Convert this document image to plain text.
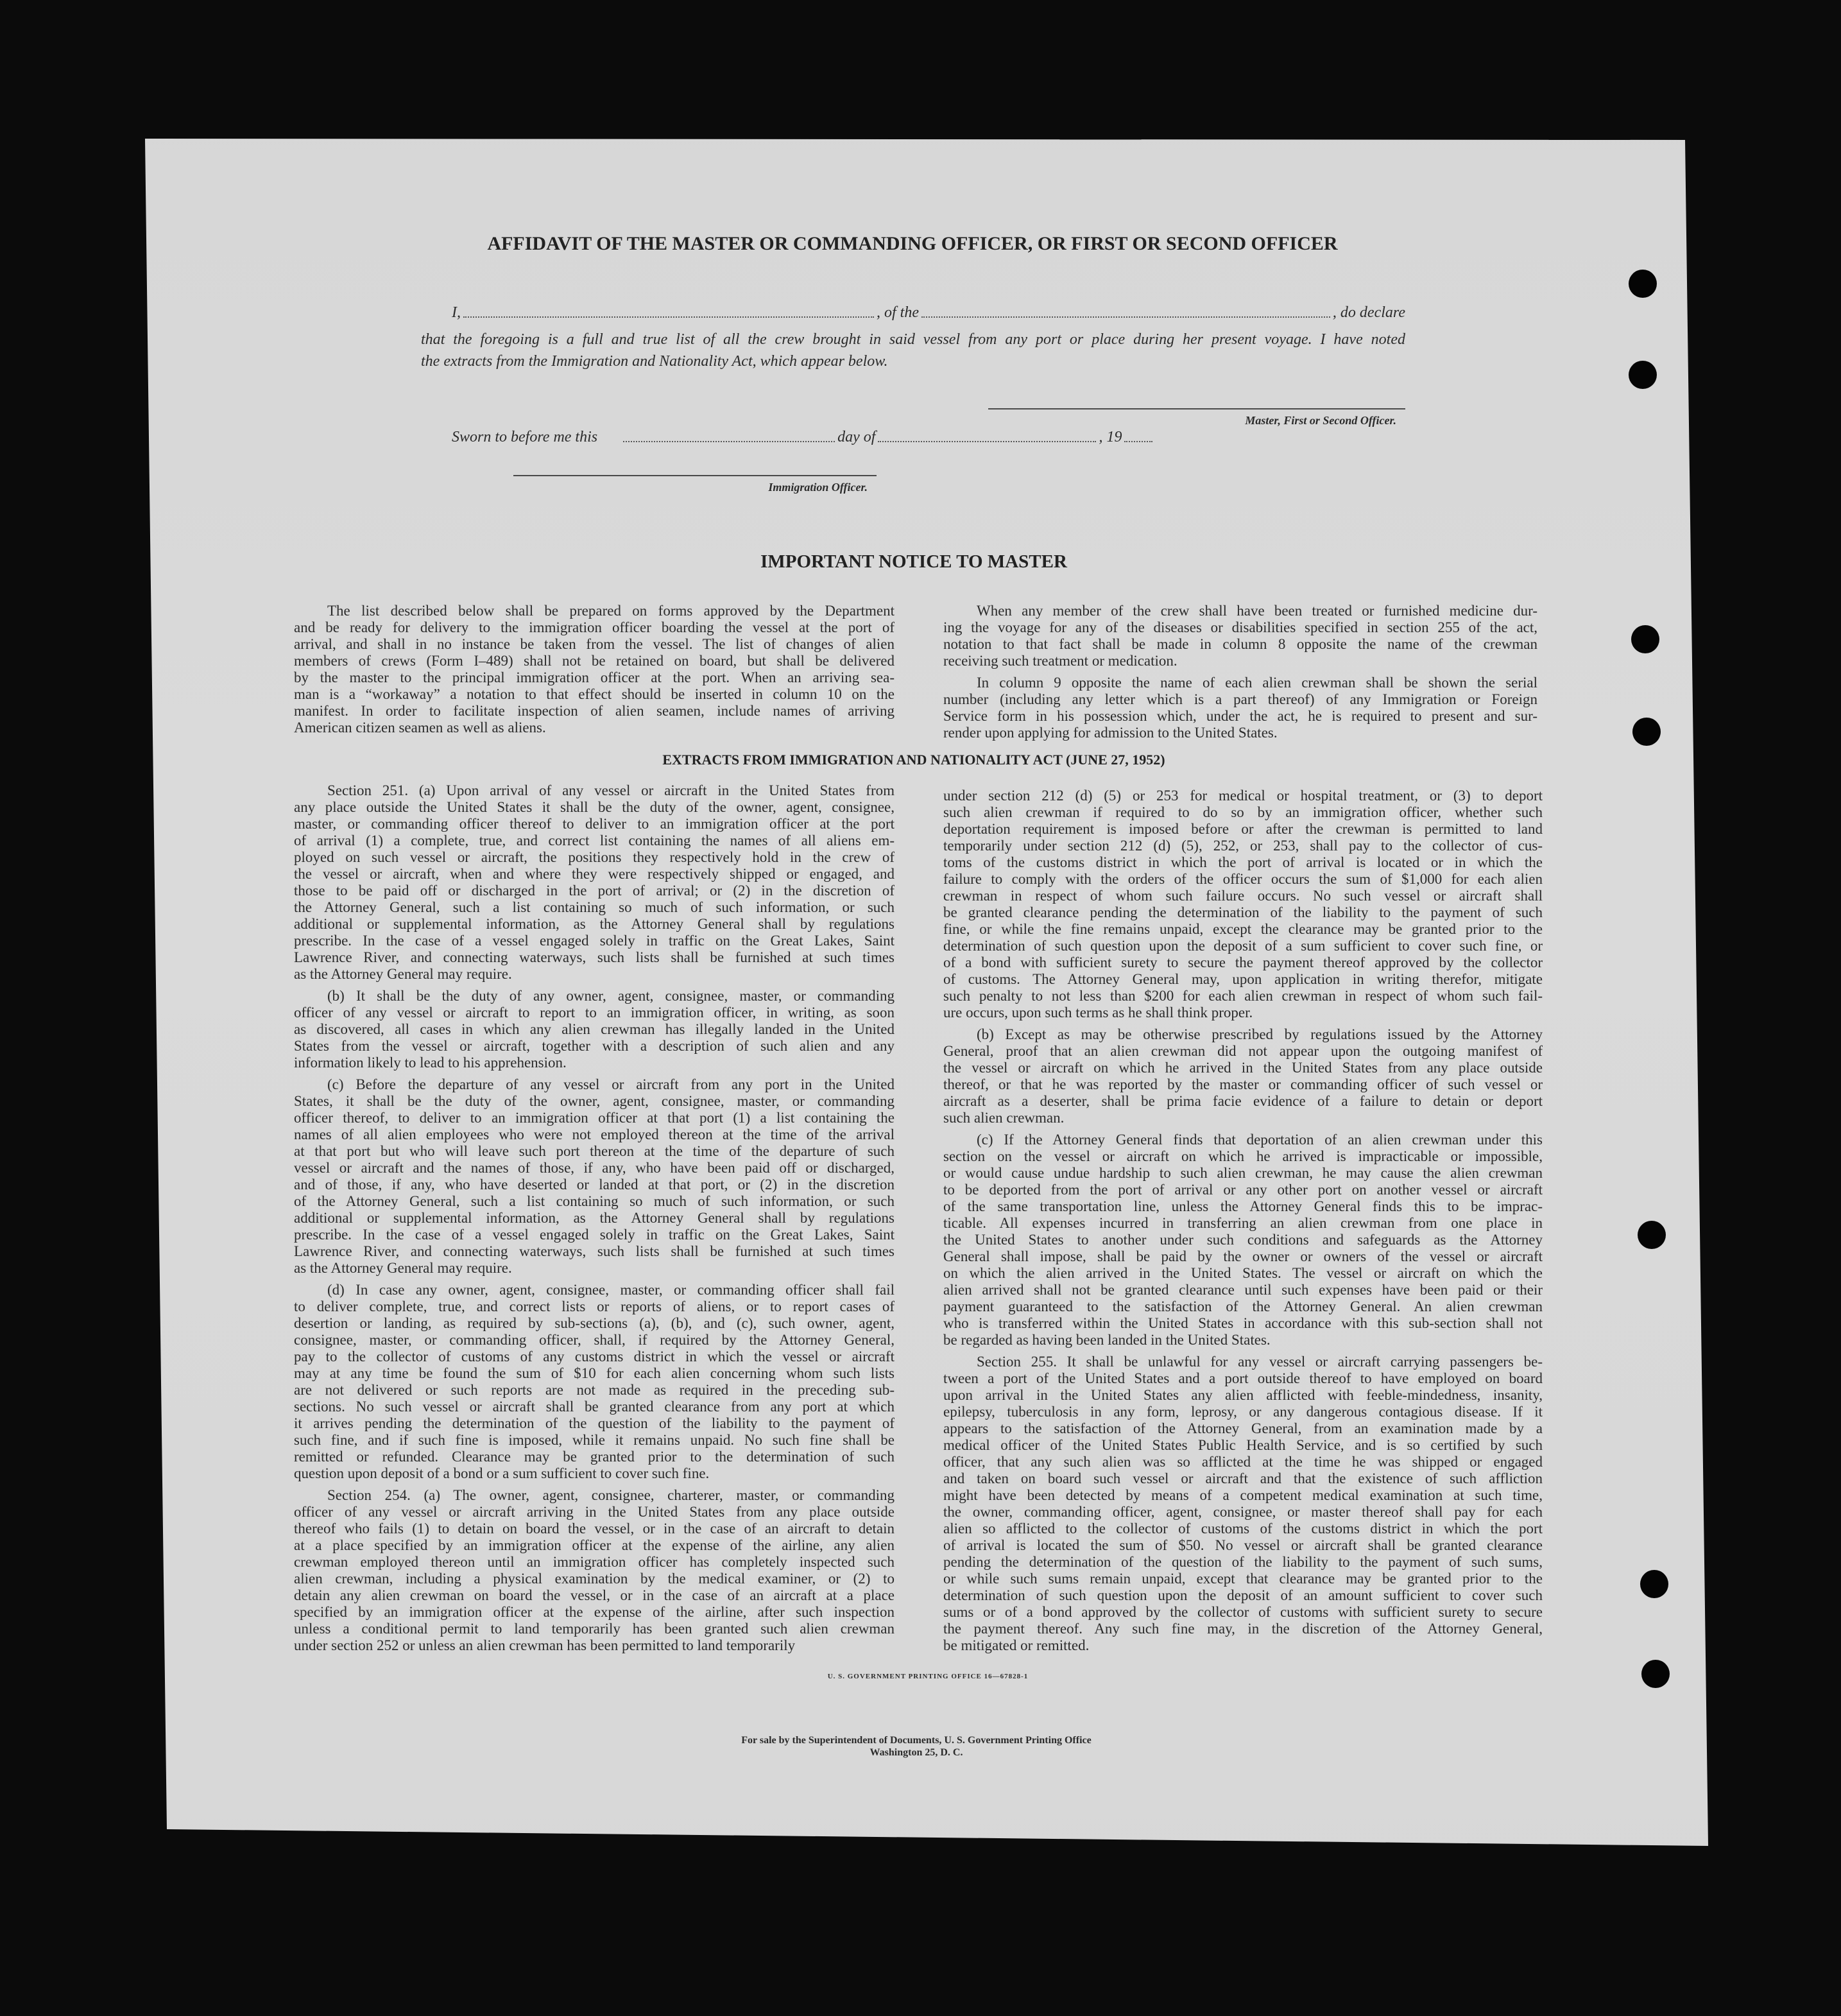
AFFIDAVIT OF THE MASTER OR COMMANDING OFFICER, OR FIRST OR SECOND OFFICER
I,	, of the	, do declare
that the foregoing is a full and true list of all the crew brought in said vessel from any port or place during her present voyage. I have noted
the extracts from the Immigration and Nationality Act, which appear below.
Master, First or Second Officer.
Sworn to before me this	day of	, 19
Immigration Officer.
IMPORTANT NOTICE TO MASTER
The list described below shall be prepared on forms approved by the Department
and be ready for delivery to the immigration officer boarding the vessel at the port of
arrival, and shall in no instance be taken from the vessel. The list of changes of alien
members of crews (Form I–489) shall not be retained on board, but shall be delivered
by the master to the principal immigration officer at the port. When an arriving sea-
man is a “workaway” a notation to that effect should be inserted in column 10 on the
manifest. In order to facilitate inspection of alien seamen, include names of arriving
American citizen seamen as well as aliens.
When any member of the crew shall have been treated or furnished medicine dur-
ing the voyage for any of the diseases or disabilities specified in section 255 of the act,
notation to that fact shall be made in column 8 opposite the name of the crewman
receiving such treatment or medication.
In column 9 opposite the name of each alien crewman shall be shown the serial
number (including any letter which is a part thereof) of any Immigration or Foreign
Service form in his possession which, under the act, he is required to present and sur-
render upon applying for admission to the United States.
EXTRACTS FROM IMMIGRATION AND NATIONALITY ACT (JUNE 27, 1952)
Section 251. (a) Upon arrival of any vessel or aircraft in the United States from
any place outside the United States it shall be the duty of the owner, agent, consignee,
master, or commanding officer thereof to deliver to an immigration officer at the port
of arrival (1) a complete, true, and correct list containing the names of all aliens em-
ployed on such vessel or aircraft, the positions they respectively hold in the crew of
the vessel or aircraft, when and where they were respectively shipped or engaged, and
those to be paid off or discharged in the port of arrival; or (2) in the discretion of
the Attorney General, such a list containing so much of such information, or such
additional or supplemental information, as the Attorney General shall by regulations
prescribe. In the case of a vessel engaged solely in traffic on the Great Lakes, Saint
Lawrence River, and connecting waterways, such lists shall be furnished at such times
as the Attorney General may require.
(b) It shall be the duty of any owner, agent, consignee, master, or commanding
officer of any vessel or aircraft to report to an immigration officer, in writing, as soon
as discovered, all cases in which any alien crewman has illegally landed in the United
States from the vessel or aircraft, together with a description of such alien and any
information likely to lead to his apprehension.
(c) Before the departure of any vessel or aircraft from any port in the United
States, it shall be the duty of the owner, agent, consignee, master, or commanding
officer thereof, to deliver to an immigration officer at that port (1) a list containing the
names of all alien employees who were not employed thereon at the time of the arrival
at that port but who will leave such port thereon at the time of the departure of such
vessel or aircraft and the names of those, if any, who have been paid off or discharged,
and of those, if any, who have deserted or landed at that port, or (2) in the discretion
of the Attorney General, such a list containing so much of such information, or such
additional or supplemental information, as the Attorney General shall by regulations
prescribe. In the case of a vessel engaged solely in traffic on the Great Lakes, Saint
Lawrence River, and connecting waterways, such lists shall be furnished at such times
as the Attorney General may require.
(d) In case any owner, agent, consignee, master, or commanding officer shall fail
to deliver complete, true, and correct lists or reports of aliens, or to report cases of
desertion or landing, as required by sub-sections (a), (b), and (c), such owner, agent,
consignee, master, or commanding officer, shall, if required by the Attorney General,
pay to the collector of customs of any customs district in which the vessel or aircraft
may at any time be found the sum of $10 for each alien concerning whom such lists
are not delivered or such reports are not made as required in the preceding sub-
sections. No such vessel or aircraft shall be granted clearance from any port at which
it arrives pending the determination of the question of the liability to the payment of
such fine, and if such fine is imposed, while it remains unpaid. No such fine shall be
remitted or refunded. Clearance may be granted prior to the determination of such
question upon deposit of a bond or a sum sufficient to cover such fine.
Section 254. (a) The owner, agent, consignee, charterer, master, or commanding
officer of any vessel or aircraft arriving in the United States from any place outside
thereof who fails (1) to detain on board the vessel, or in the case of an aircraft to detain
at a place specified by an immigration officer at the expense of the airline, any alien
crewman employed thereon until an immigration officer has completely inspected such
alien crewman, including a physical examination by the medical examiner, or (2) to
detain any alien crewman on board the vessel, or in the case of an aircraft at a place
specified by an immigration officer at the expense of the airline, after such inspection
unless a conditional permit to land temporarily has been granted such alien crewman
under section 252 or unless an alien crewman has been permitted to land temporarily
under section 212 (d) (5) or 253 for medical or hospital treatment, or (3) to deport
such alien crewman if required to do so by an immigration officer, whether such
deportation requirement is imposed before or after the crewman is permitted to land
temporarily under section 212 (d) (5), 252, or 253, shall pay to the collector of cus-
toms of the customs district in which the port of arrival is located or in which the
failure to comply with the orders of the officer occurs the sum of $1,000 for each alien
crewman in respect of whom such failure occurs. No such vessel or aircraft shall
be granted clearance pending the determination of the liability to the payment of such
fine, or while the fine remains unpaid, except the clearance may be granted prior to the
determination of such question upon the deposit of a sum sufficient to cover such fine, or
of a bond with sufficient surety to secure the payment thereof approved by the collector
of customs. The Attorney General may, upon application in writing therefor, mitigate
such penalty to not less than $200 for each alien crewman in respect of whom such fail-
ure occurs, upon such terms as he shall think proper.
(b) Except as may be otherwise prescribed by regulations issued by the Attorney
General, proof that an alien crewman did not appear upon the outgoing manifest of
the vessel or aircraft on which he arrived in the United States from any place outside
thereof, or that he was reported by the master or commanding officer of such vessel or
aircraft as a deserter, shall be prima facie evidence of a failure to detain or deport
such alien crewman.
(c) If the Attorney General finds that deportation of an alien crewman under this
section on the vessel or aircraft on which he arrived is impracticable or impossible,
or would cause undue hardship to such alien crewman, he may cause the alien crewman
to be deported from the port of arrival or any other port on another vessel or aircraft
of the same transportation line, unless the Attorney General finds this to be imprac-
ticable. All expenses incurred in transferring an alien crewman from one place in
the United States to another under such conditions and safeguards as the Attorney
General shall impose, shall be paid by the owner or owners of the vessel or aircraft
on which the alien arrived in the United States. The vessel or aircraft on which the
alien arrived shall not be granted clearance until such expenses have been paid or their
payment guaranteed to the satisfaction of the Attorney General. An alien crewman
who is transferred within the United States in accordance with this sub-section shall not
be regarded as having been landed in the United States.
Section 255. It shall be unlawful for any vessel or aircraft carrying passengers be-
tween a port of the United States and a port outside thereof to have employed on board
upon arrival in the United States any alien afflicted with feeble-mindedness, insanity,
epilepsy, tuberculosis in any form, leprosy, or any dangerous contagious disease. If it
appears to the satisfaction of the Attorney General, from an examination made by a
medical officer of the United States Public Health Service, and is so certified by such
officer, that any such alien was so afflicted at the time he was shipped or engaged
and taken on board such vessel or aircraft and that the existence of such affliction
might have been detected by means of a competent medical examination at such time,
the owner, commanding officer, agent, consignee, or master thereof shall pay for each
alien so afflicted to the collector of customs of the customs district in which the port
of arrival is located the sum of $50. No vessel or aircraft shall be granted clearance
pending the determination of the question of the liability to the payment of such sums,
or while such sums remain unpaid, except that clearance may be granted prior to the
determination of such question upon the deposit of an amount sufficient to cover such
sums or of a bond approved by the collector of customs with sufficient surety to secure
the payment thereof. Any such fine may, in the discretion of the Attorney General,
be mitigated or remitted.
U. S. GOVERNMENT PRINTING OFFICE 16—67828-1
For sale by the Superintendent of Documents, U. S. Government Printing Office
Washington 25, D. C.
